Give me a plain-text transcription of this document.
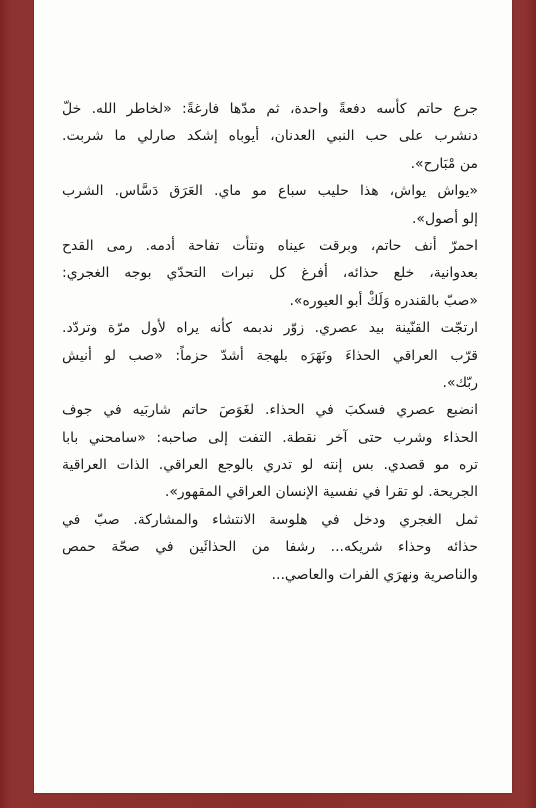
جرع حاتم كأسه دفعةً واحدة، ثم مدّها فارغةً: «لخاطر الله. خلّ
دنشرب على حب النبي العدنان، أيوباه إشكد صارلي ما شربت.
من مْبَارح».
«يواش يواش، هذا حليب سباع مو ماي. العَرَق دَسَّاس. الشرب
إلو أصول».
احمرّ أنف حاتم، وبرقت عيناه ونتأت تفاحة أدمه. رمى القدح
بعدوانية، خلع حذائه، أفرغ كل نبرات التحدّي بوجه الغجري:
«صبّ بالقندره وَلَكْ أبو العيوره».
ارتجّت القنّينة بيد عصري. زوّر ندبمه كأنه يراه لأول مرّة وتردّد.
قرّب العراقي الحذاءَ ونَهَرَه بلهجة أشدّ حزماً: «صب لو أنيش
ربّك».
انضبع عصري فسكبَ في الحذاء. لغَوَصَ حاتم شاربَيه في جوف
الحذاء وشرب حتى آخر نقطة. التفت إلى صاحبه: «سامحني بابا
تره مو قصدي. بس إنته لو تدري بالوجع العراقي. الذات العراقية
الجريحة. لو تقرا في نفسية الإنسان العراقي المقهور».
ثمل الغجري ودخل في هلوسة الانتشاء والمشاركة. صبّ في
حذائه وحذاء شريكه... رشفا من الحذائَين في صحّة حمص
والناصرية ونهرَي الفرات والعاصي...
